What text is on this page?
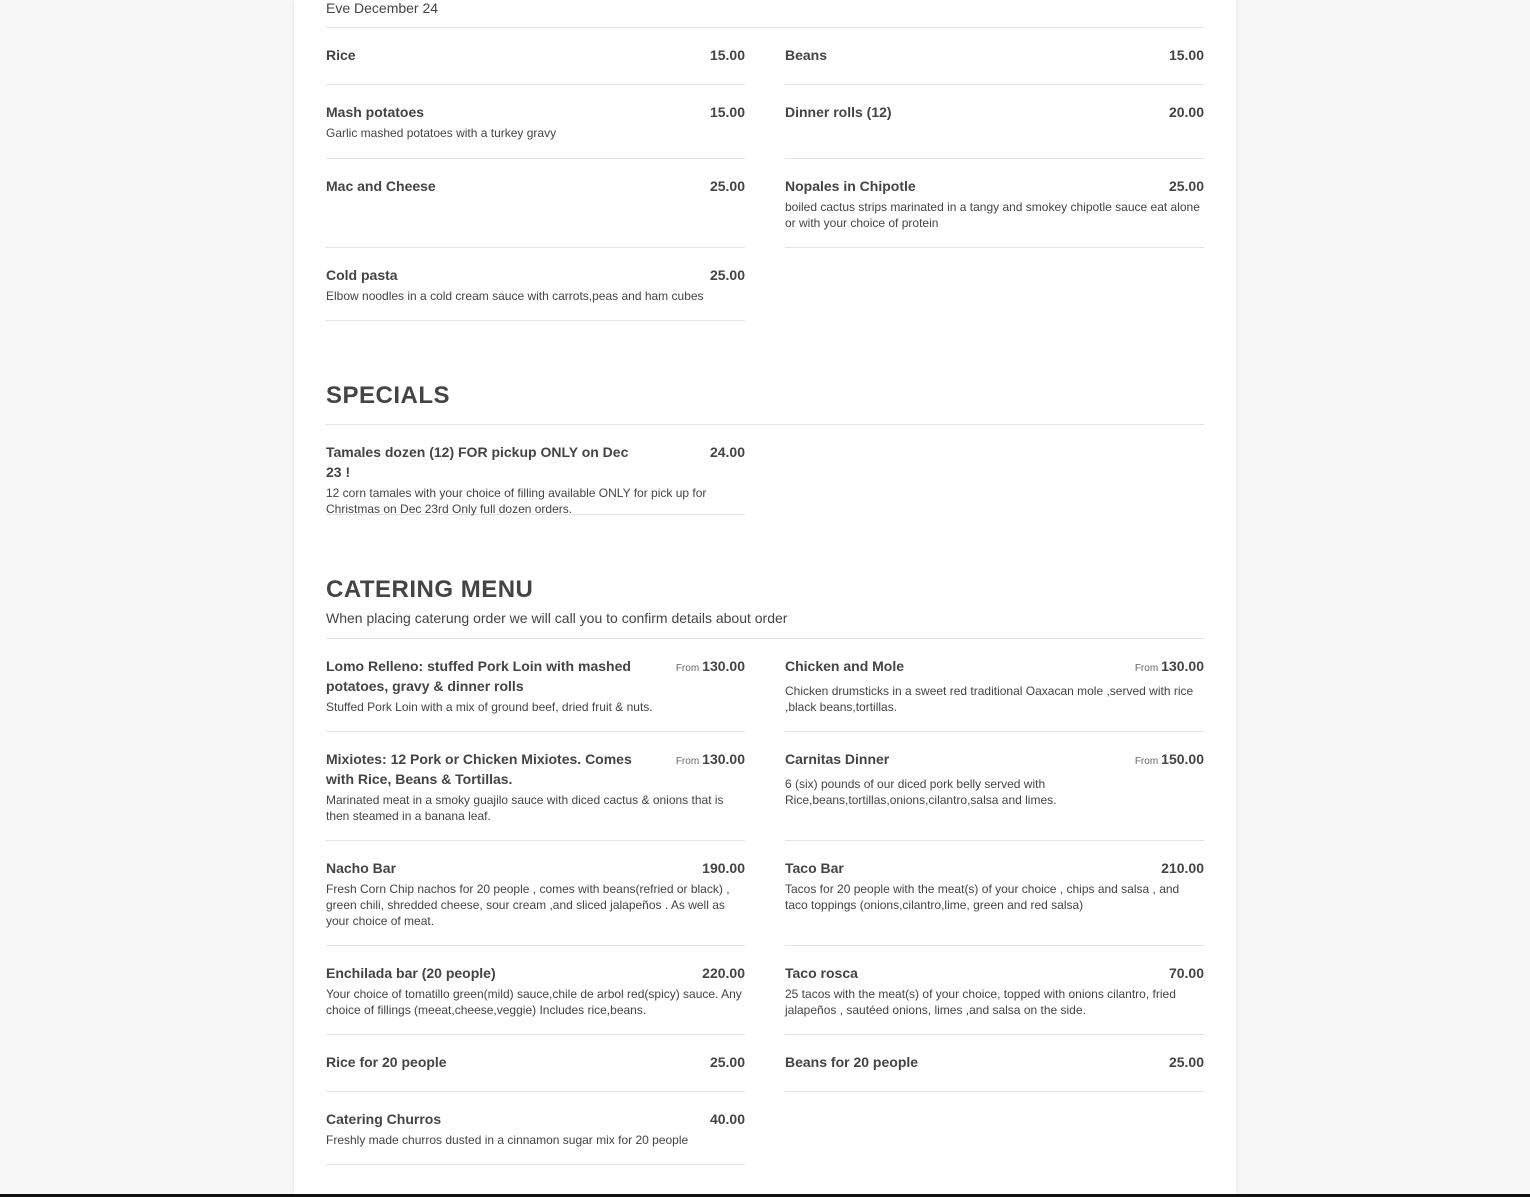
Eve December 24
Rice	15.00	Beans	15.00
Mash potatoes	15.00
Garlic mashed potatoes with a turkey gravy
Dinner rolls (12)	20.00
Mac and Cheese	25.00	Nopales in Chipotle	25.00
boiled cactus strips marinated in a tangy and smokey chipotle sauce eat alone or with your choice of protein
Cold pasta	25.00
Elbow noodles in a cold cream sauce with carrots,peas and ham cubes
SPECIALS
Tamales dozen (12) FOR pickup ONLY on Dec 23 !
24.00
12 corn tamales with your choice of filling available ONLY for pick up for Christmas on Dec 23rd Only full dozen orders.
CATERING MENU
When placing caterung order we will call you to confirm details about order
Lomo Relleno: stuffed Pork Loin with mashed potatoes, gravy & dinner rolls
From 130.00
Stuffed Pork Loin with a mix of ground beef, dried fruit & nuts.
Chicken and Mole	From 130.00
Chicken drumsticks in a sweet red traditional Oaxacan mole ,served with rice ,black beans,tortillas.
Mixiotes: 12 Pork or Chicken Mixiotes. Comes with Rice, Beans & Tortillas.
From 130.00
Marinated meat in a smoky guajilo sauce with diced cactus & onions that is then steamed in a banana leaf.
Carnitas Dinner	From 150.00
6 (six) pounds of our diced pork belly served with Rice,beans,tortillas,onions,cilantro,salsa and limes.
Nacho Bar	190.00
Fresh Corn Chip nachos for 20 people , comes with beans(refried or black) , green chili, shredded cheese, sour cream ,and sliced jalapeños . As well as your choice of meat.
Taco Bar	210.00
Tacos for 20 people with the meat(s) of your choice , chips and salsa , and taco toppings (onions,cilantro,lime, green and red salsa)
Enchilada bar (20 people)	220.00
Your choice of tomatillo green(mild) sauce,chile de arbol red(spicy) sauce. Any choice of fillings (meeat,cheese,veggie) Includes rice,beans.
Taco rosca	70.00
25 tacos with the meat(s) of your choice, topped with onions cilantro, fried jalapeños , sautéed onions, limes ,and salsa on the side.
Rice for 20 people	25.00	Beans for 20 people	25.00
Catering Churros	40.00
Freshly made churros dusted in a cinnamon sugar mix for 20 people
